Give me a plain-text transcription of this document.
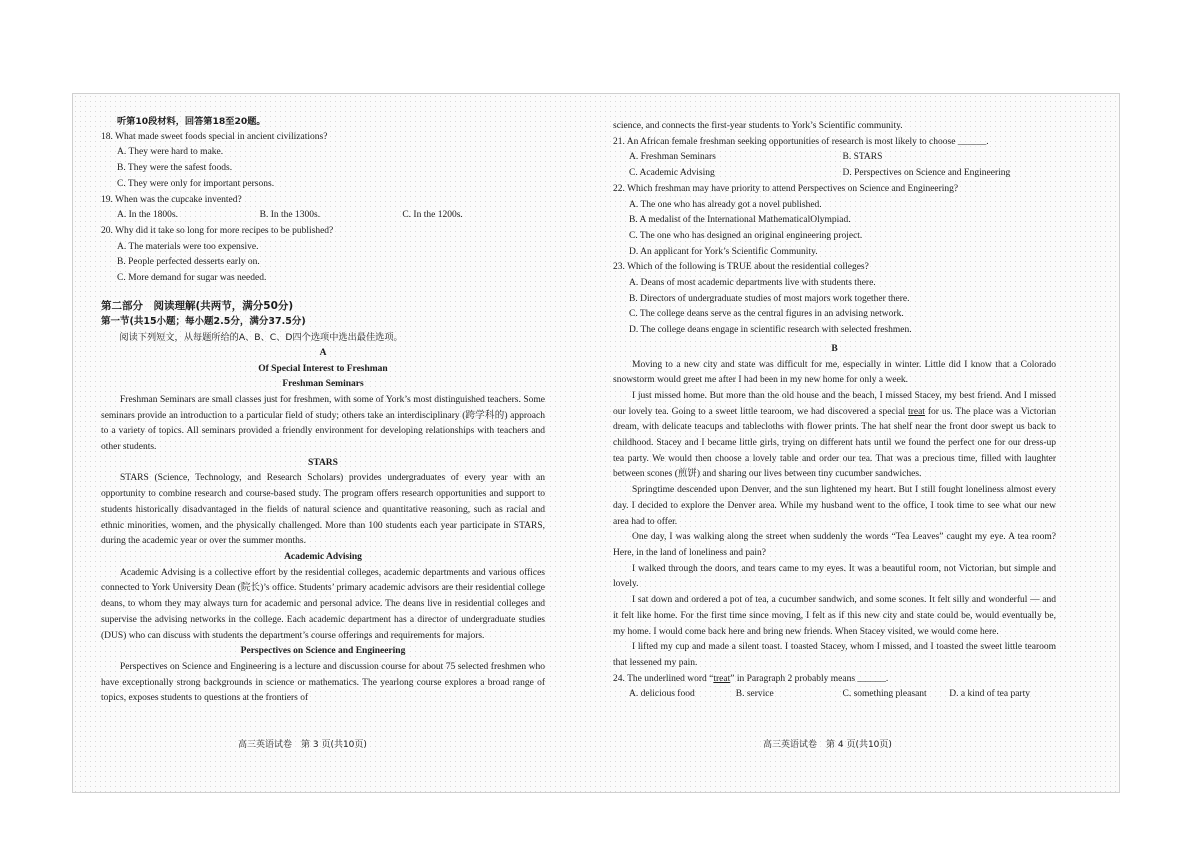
听第10段材料，回答第18至20题。

18. What made sweet foods special in ancient civilizations?

A. They were hard to make.

B. They were the safest foods.

C. They were only for important persons.

19. When was the cupcake invented?

A. In the 1800s.	B. In the 1300s.	C. In the 1200s.

20. Why did it take so long for more recipes to be published?

A. The materials were too expensive.

B. People perfected desserts early on.

C. More demand for sugar was needed.

第二部分　阅读理解(共两节，满分50分)

第一节(共15小题；每小题2.5分，满分37.5分)

阅读下列短文，从每题所给的A、B、C、D四个选项中选出最佳选项。

A

Of Special Interest to Freshman

Freshman Seminars

Freshman Seminars are small classes just for freshmen, with some of York’s most distinguished teachers. Some seminars provide an introduction to a particular field of study; others take an interdisciplinary (跨学科的) approach to a variety of topics. All seminars provided a friendly environment for developing relationships with teachers and other students.

STARS

STARS (Science, Technology, and Research Scholars) provides undergraduates of every year with an opportunity to combine research and course-based study. The program offers research opportunities and support to students historically disadvantaged in the fields of natural science and quantitative reasoning, such as racial and ethnic minorities, women, and the physically challenged. More than 100 students each year participate in STARS, during the academic year or over the summer months.

Academic Advising

Academic Advising is a collective effort by the residential colleges, academic departments and various offices connected to York University Dean (院长)’s office. Students’ primary academic advisors are their residential college deans, to whom they may always turn for academic and personal advice. The deans live in residential colleges and supervise the advising networks in the college. Each academic department has a director of undergraduate studies (DUS) who can discuss with students the department’s course offerings and requirements for majors.

Perspectives on Science and Engineering

Perspectives on Science and Engineering is a lecture and discussion course for about 75 selected freshmen who have exceptionally strong backgrounds in science or mathematics. The yearlong course explores a broad range of topics, exposes students to questions at the frontiers of

高三英语试卷　第 3 页(共10页)

science, and connects the first-year students to York’s Scientific community.

21. An African female freshman seeking opportunities of research is most likely to choose ______.

A. Freshman Seminars	B. STARS
C. Academic Advising	D. Perspectives on Science and Engineering

22. Which freshman may have priority to attend Perspectives on Science and Engineering?

A. The one who has already got a novel published.

B. A medalist of the International MathematicalOlympiad.

C. The one who has designed an original engineering project.

D. An applicant for York’s Scientific Community.

23. Which of the following is TRUE about the residential colleges?

A. Deans of most academic departments live with students there.

B. Directors of undergraduate studies of most majors work together there.

C. The college deans serve as the central figures in an advising network.

D. The college deans engage in scientific research with selected freshmen.

B

Moving to a new city and state was difficult for me, especially in winter. Little did I know that a Colorado snowstorm would greet me after I had been in my new home for only a week.

I just missed home. But more than the old house and the beach, I missed Stacey, my best friend. And I missed our lovely tea. Going to a sweet little tearoom, we had discovered a special treat for us. The place was a Victorian dream, with delicate teacups and tablecloths with flower prints. The hat shelf near the front door swept us back to childhood. Stacey and I became little girls, trying on different hats until we found the perfect one for our dress-up tea party. We would then choose a lovely table and order our tea. That was a precious time, filled with laughter between scones (煎饼) and sharing our lives between tiny cucumber sandwiches.

Springtime descended upon Denver, and the sun lightened my heart. But I still fought loneliness almost every day. I decided to explore the Denver area. While my husband went to the office, I took time to see what our new area had to offer.

One day, I was walking along the street when suddenly the words “Tea Leaves” caught my eye. A tea room? Here, in the land of loneliness and pain?

I walked through the doors, and tears came to my eyes. It was a beautiful room, not Victorian, but simple and lovely.

I sat down and ordered a pot of tea, a cucumber sandwich, and some scones. It felt silly and wonderful — and it felt like home. For the first time since moving, I felt as if this new city and state could be, would eventually be, my home. I would come back here and bring new friends. When Stacey visited, we would come here.

I lifted my cup and made a silent toast. I toasted Stacey, whom I missed, and I toasted the sweet little tearoom that lessened my pain.

24. The underlined word “treat” in Paragraph 2 probably means ______.

A. delicious food	B. service	C. something pleasant	D. a kind of tea party
高三英语试卷　第 4 页(共10页)
